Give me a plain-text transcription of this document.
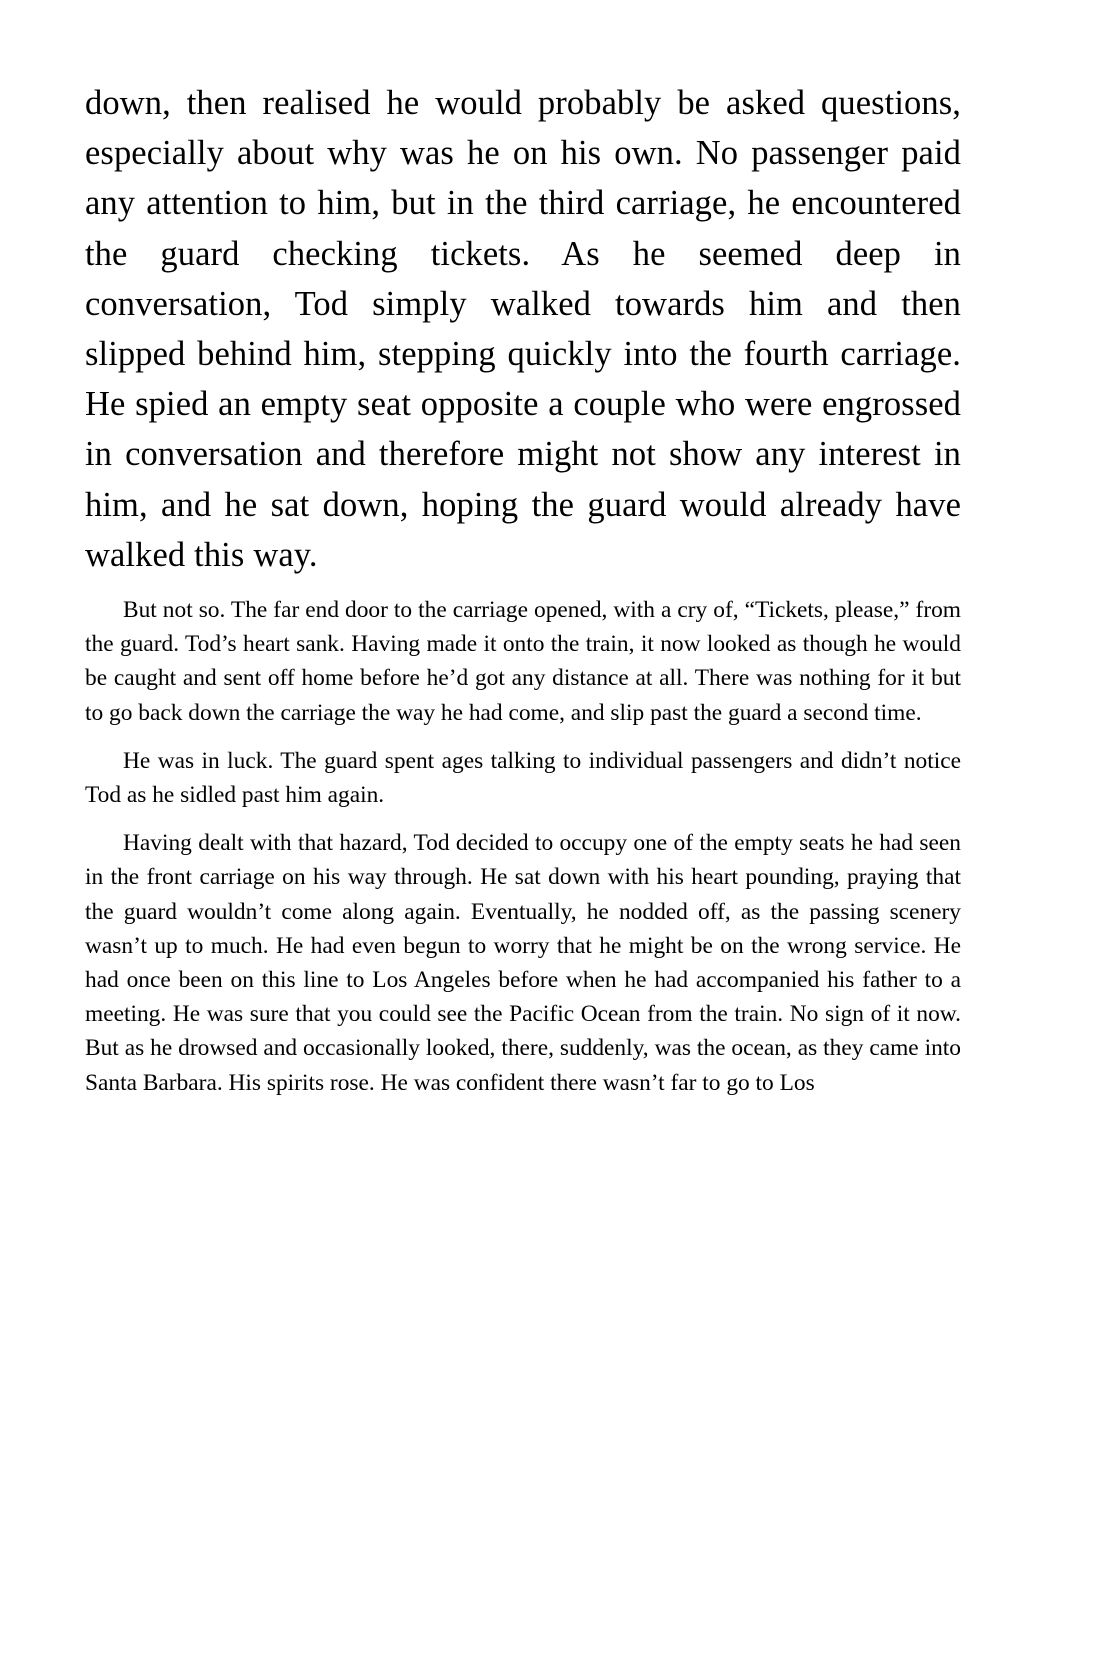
down, then realised he would probably be asked questions, especially about why was he on his own. No passenger paid any attention to him, but in the third carriage, he encountered the guard checking tickets. As he seemed deep in conversation, Tod simply walked towards him and then slipped behind him, stepping quickly into the fourth carriage. He spied an empty seat opposite a couple who were engrossed in conversation and therefore might not show any interest in him, and he sat down, hoping the guard would already have walked this way.

But not so. The far end door to the carriage opened, with a cry of, “Tickets, please,” from the guard. Tod’s heart sank. Having made it onto the train, it now looked as though he would be caught and sent off home before he’d got any distance at all. There was nothing for it but to go back down the carriage the way he had come, and slip past the guard a second time.

He was in luck. The guard spent ages talking to individual passengers and didn’t notice Tod as he sidled past him again.

Having dealt with that hazard, Tod decided to occupy one of the empty seats he had seen in the front carriage on his way through. He sat down with his heart pounding, praying that the guard wouldn’t come along again. Eventually, he nodded off, as the passing scenery wasn’t up to much. He had even begun to worry that he might be on the wrong service. He had once been on this line to Los Angeles before when he had accompanied his father to a meeting. He was sure that you could see the Pacific Ocean from the train. No sign of it now. But as he drowsed and occasionally looked, there, suddenly, was the ocean, as they came into Santa Barbara. His spirits rose. He was confident there wasn’t far to go to Los
